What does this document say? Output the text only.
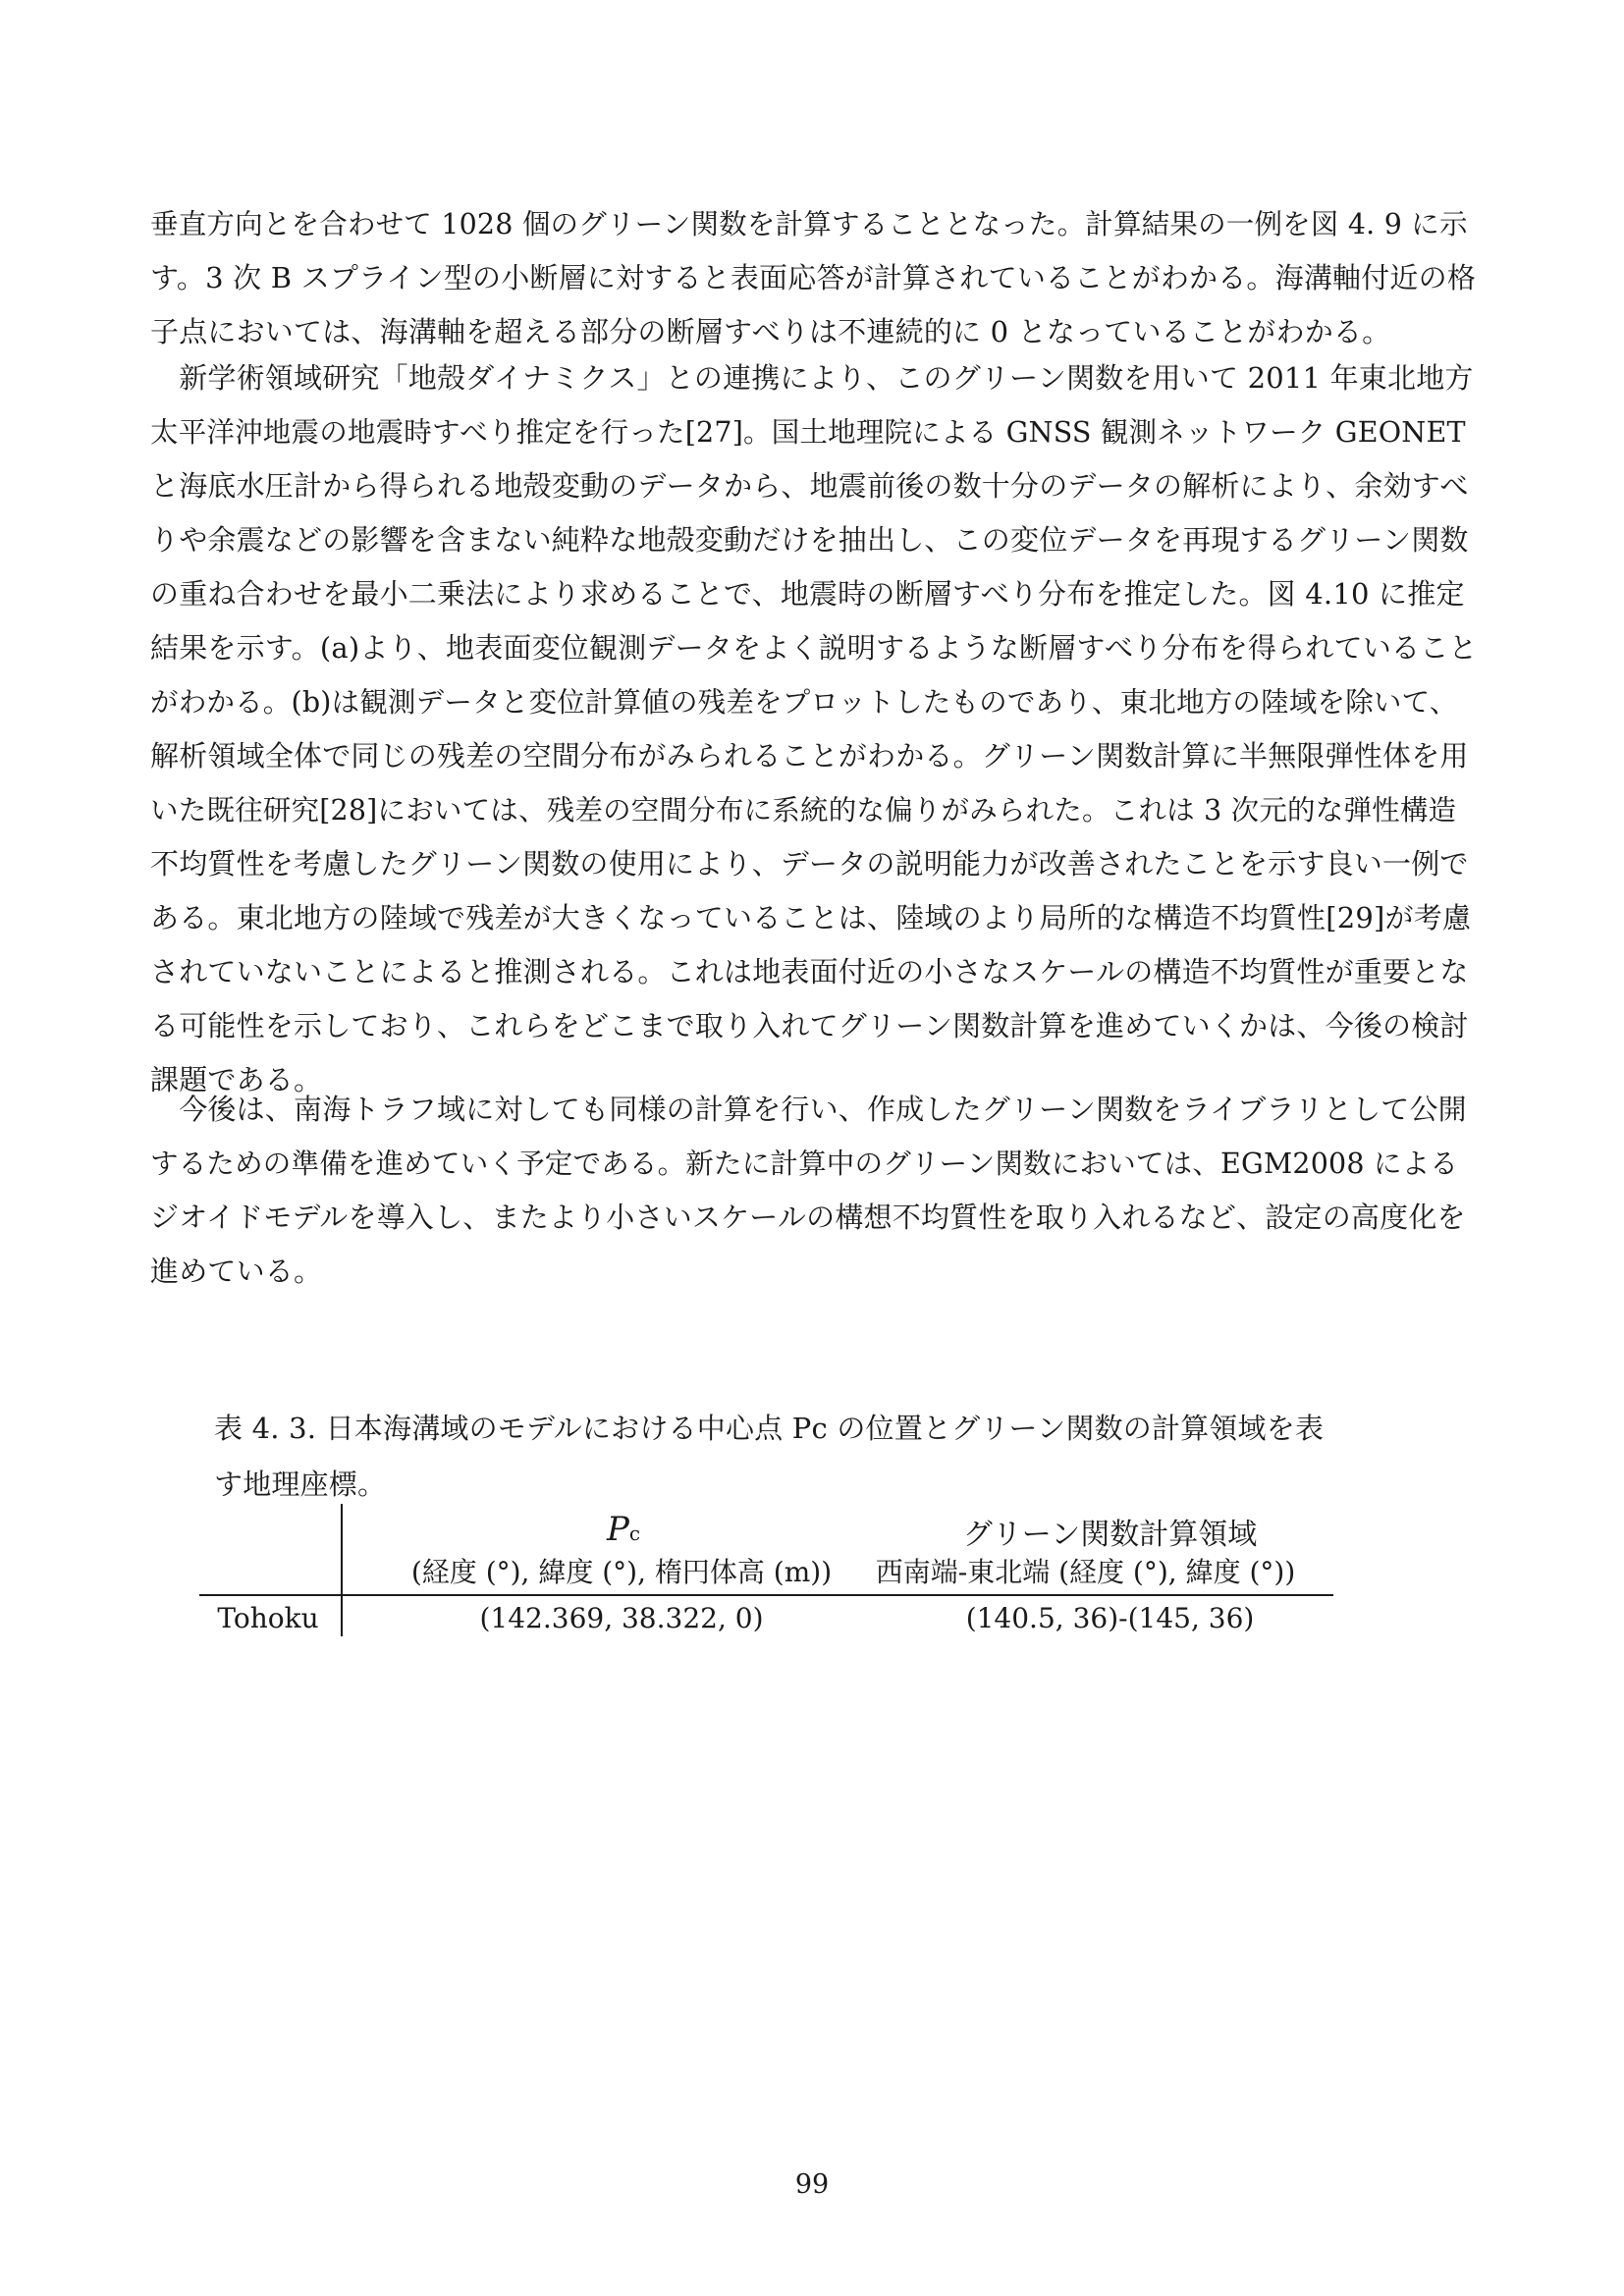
垂直方向とを合わせて 1028 個のグリーン関数を計算することとなった。計算結果の一例を図 4. 9 に示
す。3 次 B スプライン型の小断層に対すると表面応答が計算されていることがわかる。海溝軸付近の格
子点においては、海溝軸を超える部分の断層すべりは不連続的に 0 となっていることがわかる。
　新学術領域研究「地殻ダイナミクス」との連携により、このグリーン関数を用いて 2011 年東北地方
太平洋沖地震の地震時すべり推定を行った[27]。国土地理院による GNSS 観測ネットワーク GEONET
と海底水圧計から得られる地殻変動のデータから、地震前後の数十分のデータの解析により、余効すべ
りや余震などの影響を含まない純粋な地殻変動だけを抽出し、この変位データを再現するグリーン関数
の重ね合わせを最小二乗法により求めることで、地震時の断層すべり分布を推定した。図 4.10 に推定
結果を示す。(a)より、地表面変位観測データをよく説明するような断層すべり分布を得られていること
がわかる。(b)は観測データと変位計算値の残差をプロットしたものであり、東北地方の陸域を除いて、
解析領域全体で同じの残差の空間分布がみられることがわかる。グリーン関数計算に半無限弾性体を用
いた既往研究[28]においては、残差の空間分布に系統的な偏りがみられた。これは 3 次元的な弾性構造
不均質性を考慮したグリーン関数の使用により、データの説明能力が改善されたことを示す良い一例で
ある。東北地方の陸域で残差が大きくなっていることは、陸域のより局所的な構造不均質性[29]が考慮
されていないことによると推測される。これは地表面付近の小さなスケールの構造不均質性が重要とな
る可能性を示しており、これらをどこまで取り入れてグリーン関数計算を進めていくかは、今後の検討
課題である。
　今後は、南海トラフ域に対しても同様の計算を行い、作成したグリーン関数をライブラリとして公開
するための準備を進めていく予定である。新たに計算中のグリーン関数においては、EGM2008 による
ジオイドモデルを導入し、またより小さいスケールの構想不均質性を取り入れるなど、設定の高度化を
進めている。
表 4. 3. 日本海溝域のモデルにおける中心点 Pc の位置とグリーン関数の計算領域を表
す地理座標。
Pc
(経度 (°), 緯度 (°), 楕円体高 (m))
グリーン関数計算領域
西南端-東北端 (経度 (°), 緯度 (°))
Tohoku	(142.369, 38.322, 0)	(140.5, 36)-(145, 36)
99
